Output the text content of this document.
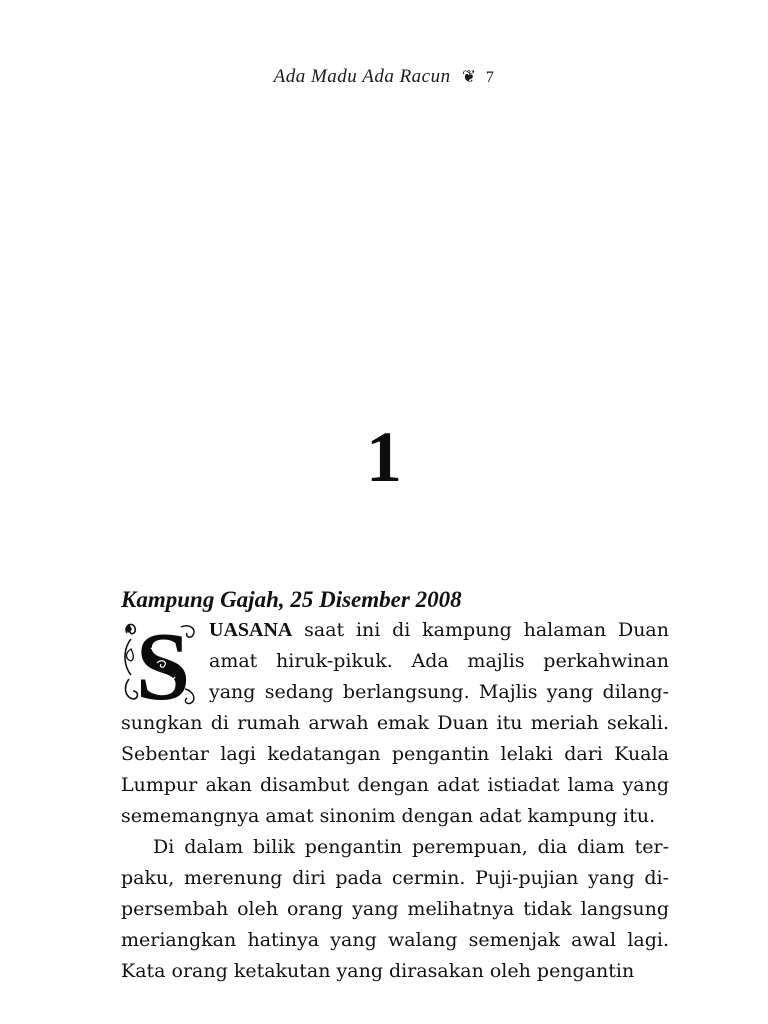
Ada Madu Ada Racun ❦ 7
1

Kampung Gajah, 25 Disember 2008

S UASANA saat ini di kampung halaman Duan amat hiruk-pikuk. Ada majlis perkahwinan yang sedang berlangsung. Majlis yang dilangsungkan di rumah arwah emak Duan itu meriah sekali. Sebentar lagi kedatangan pengantin lelaki dari Kuala Lumpur akan disambut dengan adat istiadat lama yang sememangnya amat sinonim dengan adat kampung itu.

Di dalam bilik pengantin perempuan, dia diam terpaku, merenung diri pada cermin. Puji-pujian yang dipersembah oleh orang yang melihatnya tidak langsung meriangkan hatinya yang walang semenjak awal lagi. Kata orang ketakutan yang dirasakan oleh pengantin
